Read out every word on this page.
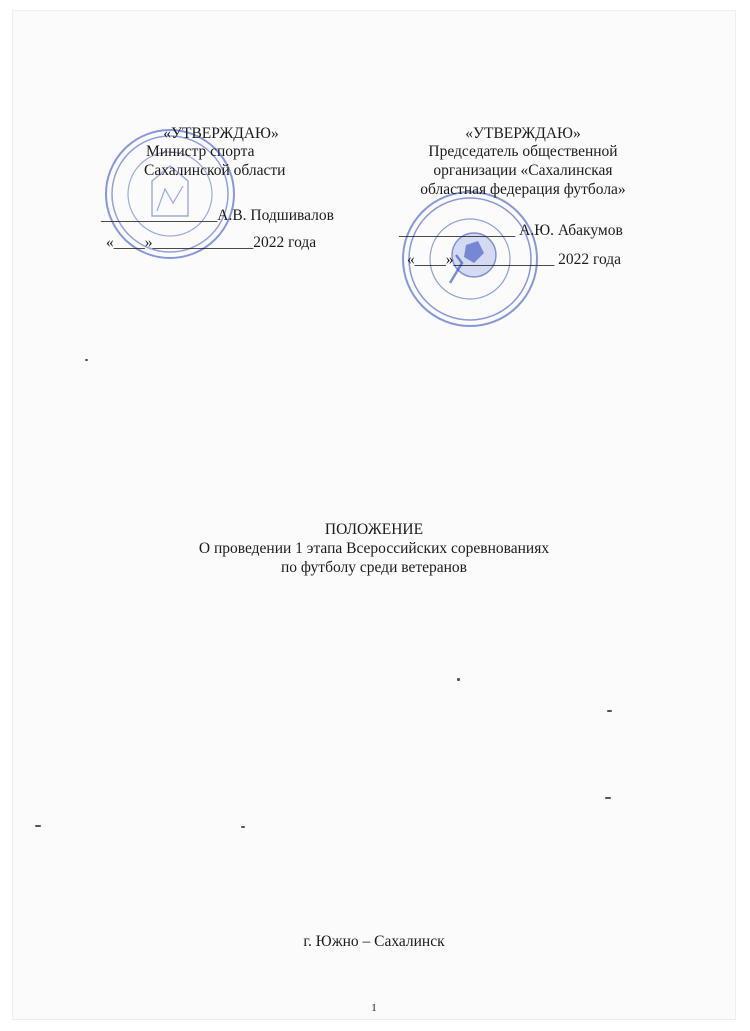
«УТВЕРЖДАЮ»
Министр спорта
Сахалинской области
_______________А.В. Подшивалов
«____»_____________2022 года
«УТВЕРЖДАЮ»
Председатель общественной
организации «Сахалинская
областная федерация футбола»
_______________ А.Ю. Абакумов
«____»_____________ 2022 года
ПОЛОЖЕНИЕ
О проведении 1 этапа Всероссийских соревнованиях
по футболу среди ветеранов
г. Южно – Сахалинск
1
